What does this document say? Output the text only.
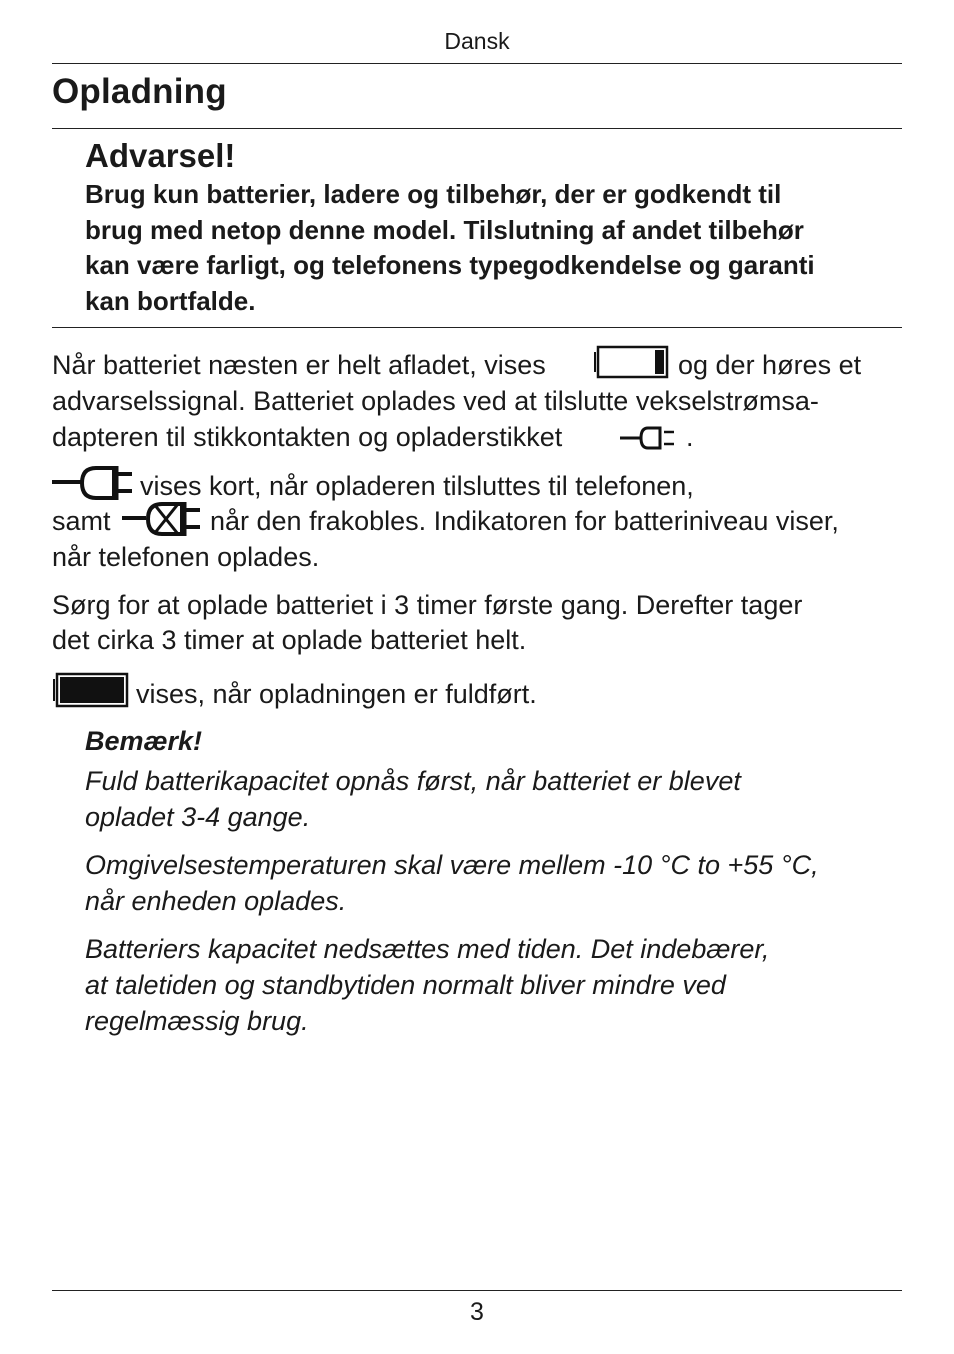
Dansk
Opladning
Advarsel!
Brug kun batterier, ladere og tilbehør, der er godkendt til
brug med netop denne model. Tilslutning af andet tilbehør
kan være farligt, og telefonens typegodkendelse og garanti
kan bortfalde.
Når batteriet næsten er helt afladet, vises	og der høres et
advarselssignal. Batteriet oplades ved at tilslutte vekselstrømsa-
dapteren til stikkontakten og opladerstikket	.
vises kort, når opladeren tilsluttes til telefonen,
samt	når den frakobles. Indikatoren for batteriniveau viser,
når telefonen oplades.
Sørg for at oplade batteriet i 3 timer første gang. Derefter tager
det cirka 3 timer at oplade batteriet helt.
vises, når opladningen er fuldført.
Bemærk!
Fuld batterikapacitet opnås først, når batteriet er blevet
opladet 3-4 gange.
Omgivelsestemperaturen skal være mellem -10 °C to +55 °C,
når enheden oplades.
Batteriers kapacitet nedsættes med tiden. Det indebærer,
at taletiden og standbytiden normalt bliver mindre ved
regelmæssig brug.
3
